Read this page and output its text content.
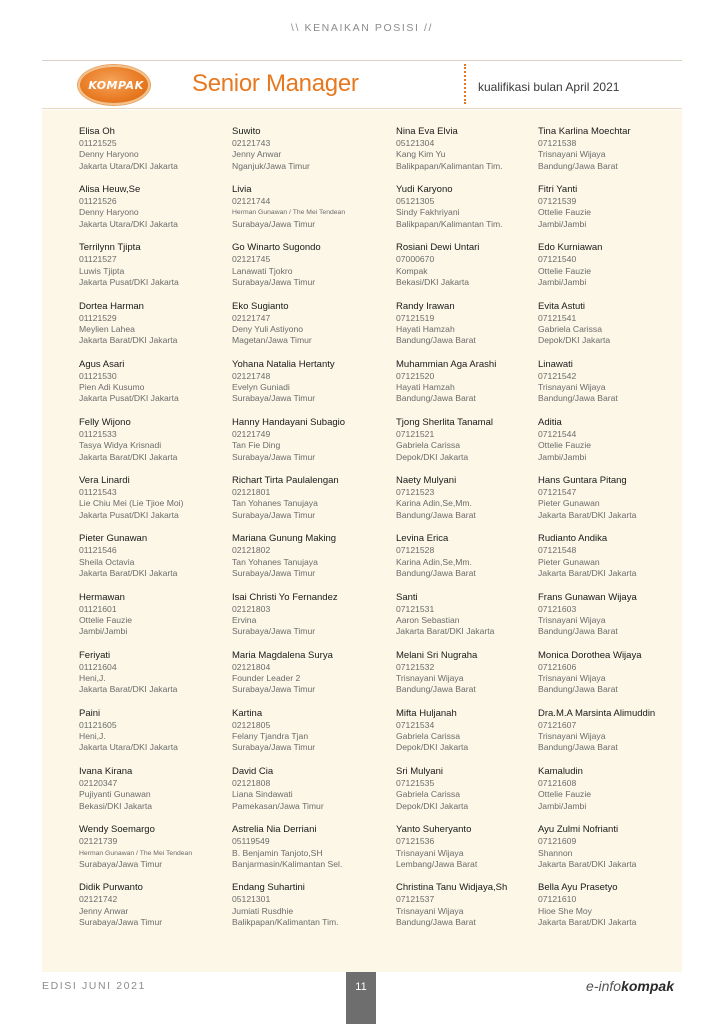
\\ KENAIKAN POSISI //
KOMPAK	Senior Manager	kualifikasi bulan April 2021
Elisa Oh
01121525
Denny Haryono
Jakarta Utara/DKI Jakarta
Alisa Heuw,Se
01121526
Denny Haryono
Jakarta Utara/DKI Jakarta
Terrilynn Tjipta
01121527
Luwis Tjipta
Jakarta Pusat/DKI Jakarta
Dortea Harman
01121529
Meylien Lahea
Jakarta Barat/DKI Jakarta
Agus Asari
01121530
Pien Adi Kusumo
Jakarta Pusat/DKI Jakarta
Felly Wijono
01121533
Tasya Widya Krisnadi
Jakarta Barat/DKI Jakarta
Vera Linardi
01121543
Lie Chiu Mei (Lie Tjioe Moi)
Jakarta Pusat/DKI Jakarta
Pieter Gunawan
01121546
Sheila Octavia
Jakarta Barat/DKI Jakarta
Hermawan
01121601
Ottelie Fauzie
Jambi/Jambi
Feriyati
01121604
Heni,J.
Jakarta Barat/DKI Jakarta
Paini
01121605
Heni,J.
Jakarta Utara/DKI Jakarta
Ivana Kirana
02120347
Pujiyanti Gunawan
Bekasi/DKI Jakarta
Wendy Soemargo
02121739
Herman Gunawan / The Mei Tendean
Surabaya/Jawa Timur
Didik Purwanto
02121742
Jenny Anwar
Surabaya/Jawa Timur
Suwito
02121743
Jenny Anwar
Nganjuk/Jawa Timur
Livia
02121744
Herman Gunawan / The Mei Tendean
Surabaya/Jawa Timur
Go Winarto Sugondo
02121745
Lanawati Tjokro
Surabaya/Jawa Timur
Eko Sugianto
02121747
Deny Yuli Astiyono
Magetan/Jawa Timur
Yohana Natalia Hertanty
02121748
Evelyn Guniadi
Surabaya/Jawa Timur
Hanny Handayani Subagio
02121749
Tan Fie Ding
Surabaya/Jawa Timur
Richart Tirta Paulalengan
02121801
Tan Yohanes Tanujaya
Surabaya/Jawa Timur
Mariana Gunung Making
02121802
Tan Yohanes Tanujaya
Surabaya/Jawa Timur
Isai Christi Yo Fernandez
02121803
Ervina
Surabaya/Jawa Timur
Maria Magdalena Surya
02121804
Founder Leader 2
Surabaya/Jawa Timur
Kartina
02121805
Felany Tjandra Tjan
Surabaya/Jawa Timur
David Cia
02121808
Liana Sindawati
Pamekasan/Jawa Timur
Astrelia Nia Derriani
05119549
B. Benjamin Tanjoto,SH
Banjarmasin/Kalimantan Sel.
Endang Suhartini
05121301
Jumiati Rusdhie
Balikpapan/Kalimantan Tim.
Nina Eva Elvia
05121304
Kang Kim Yu
Balikpapan/Kalimantan Tim.
Yudi Karyono
05121305
Sindy Fakhriyani
Balikpapan/Kalimantan Tim.
Rosiani Dewi Untari
07000670
Kompak
Bekasi/DKI Jakarta
Randy Irawan
07121519
Hayati Hamzah
Bandung/Jawa Barat
Muhammian Aga Arashi
07121520
Hayati Hamzah
Bandung/Jawa Barat
Tjong Sherlita Tanamal
07121521
Gabriela Carissa
Depok/DKI Jakarta
Naety Mulyani
07121523
Karina Adin,Se,Mm.
Bandung/Jawa Barat
Levina Erica
07121528
Karina Adin,Se,Mm.
Bandung/Jawa Barat
Santi
07121531
Aaron Sebastian
Jakarta Barat/DKI Jakarta
Melani Sri Nugraha
07121532
Trisnayani Wijaya
Bandung/Jawa Barat
Mifta Huljanah
07121534
Gabriela Carissa
Depok/DKI Jakarta
Sri Mulyani
07121535
Gabriela Carissa
Depok/DKI Jakarta
Yanto Suheryanto
07121536
Trisnayani Wijaya
Lembang/Jawa Barat
Christina Tanu Widjaya,Sh
07121537
Trisnayani Wijaya
Bandung/Jawa Barat
Tina Karlina Moechtar
07121538
Trisnayani Wijaya
Bandung/Jawa Barat
Fitri Yanti
07121539
Ottelie Fauzie
Jambi/Jambi
Edo Kurniawan
07121540
Ottelie Fauzie
Jambi/Jambi
Evita Astuti
07121541
Gabriela Carissa
Depok/DKI Jakarta
Linawati
07121542
Trisnayani Wijaya
Bandung/Jawa Barat
Aditia
07121544
Ottelie Fauzie
Jambi/Jambi
Hans Guntara Pitang
07121547
Pieter Gunawan
Jakarta Barat/DKI Jakarta
Rudianto Andika
07121548
Pieter Gunawan
Jakarta Barat/DKI Jakarta
Frans Gunawan Wijaya
07121603
Trisnayani Wijaya
Bandung/Jawa Barat
Monica Dorothea Wijaya
07121606
Trisnayani Wijaya
Bandung/Jawa Barat
Dra.M.A Marsinta Alimuddin
07121607
Trisnayani Wijaya
Bandung/Jawa Barat
Kamaludin
07121608
Ottelie Fauzie
Jambi/Jambi
Ayu Zulmi Nofrianti
07121609
Shannon
Jakarta Barat/DKI Jakarta
Bella Ayu Prasetyo
07121610
Hioe She Moy
Jakarta Barat/DKI Jakarta
EDISI JUNI 2021	11	e-infokompak
